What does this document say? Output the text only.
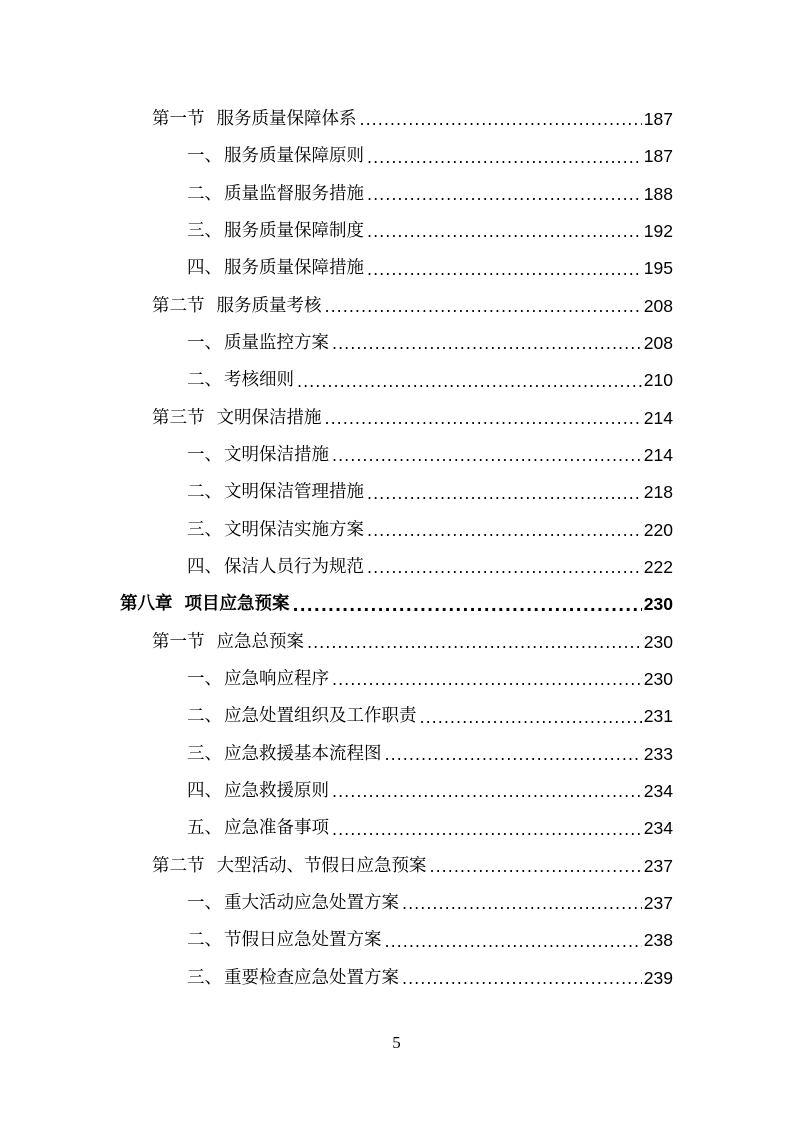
第一节 服务质量保障体系 .....	187
一、 服务质量保障原则 .....	187
二、 质量监督服务措施 .....	188
三、 服务质量保障制度 .....	192
四、 服务质量保障措施 .....	195
第二节 服务质量考核 .....	208
一、 质量监控方案 .....	208
二、 考核细则 .....	210
第三节 文明保洁措施 .....	214
一、 文明保洁措施 .....	214
二、 文明保洁管理措施 .....	218
三、 文明保洁实施方案 .....	220
四、 保洁人员行为规范 .....	222
第八章 项目应急预案 .....	230
第一节 应急总预案 .....	230
一、 应急响应程序 .....	230
二、 应急处置组织及工作职责 .....	231
三、 应急救援基本流程图 .....	233
四、 应急救援原则 .....	234
五、 应急准备事项 .....	234
第二节 大型活动、节假日应急预案 .....	237
一、 重大活动应急处置方案 .....	237
二、 节假日应急处置方案 .....	238
三、 重要检查应急处置方案 .....	239
5
